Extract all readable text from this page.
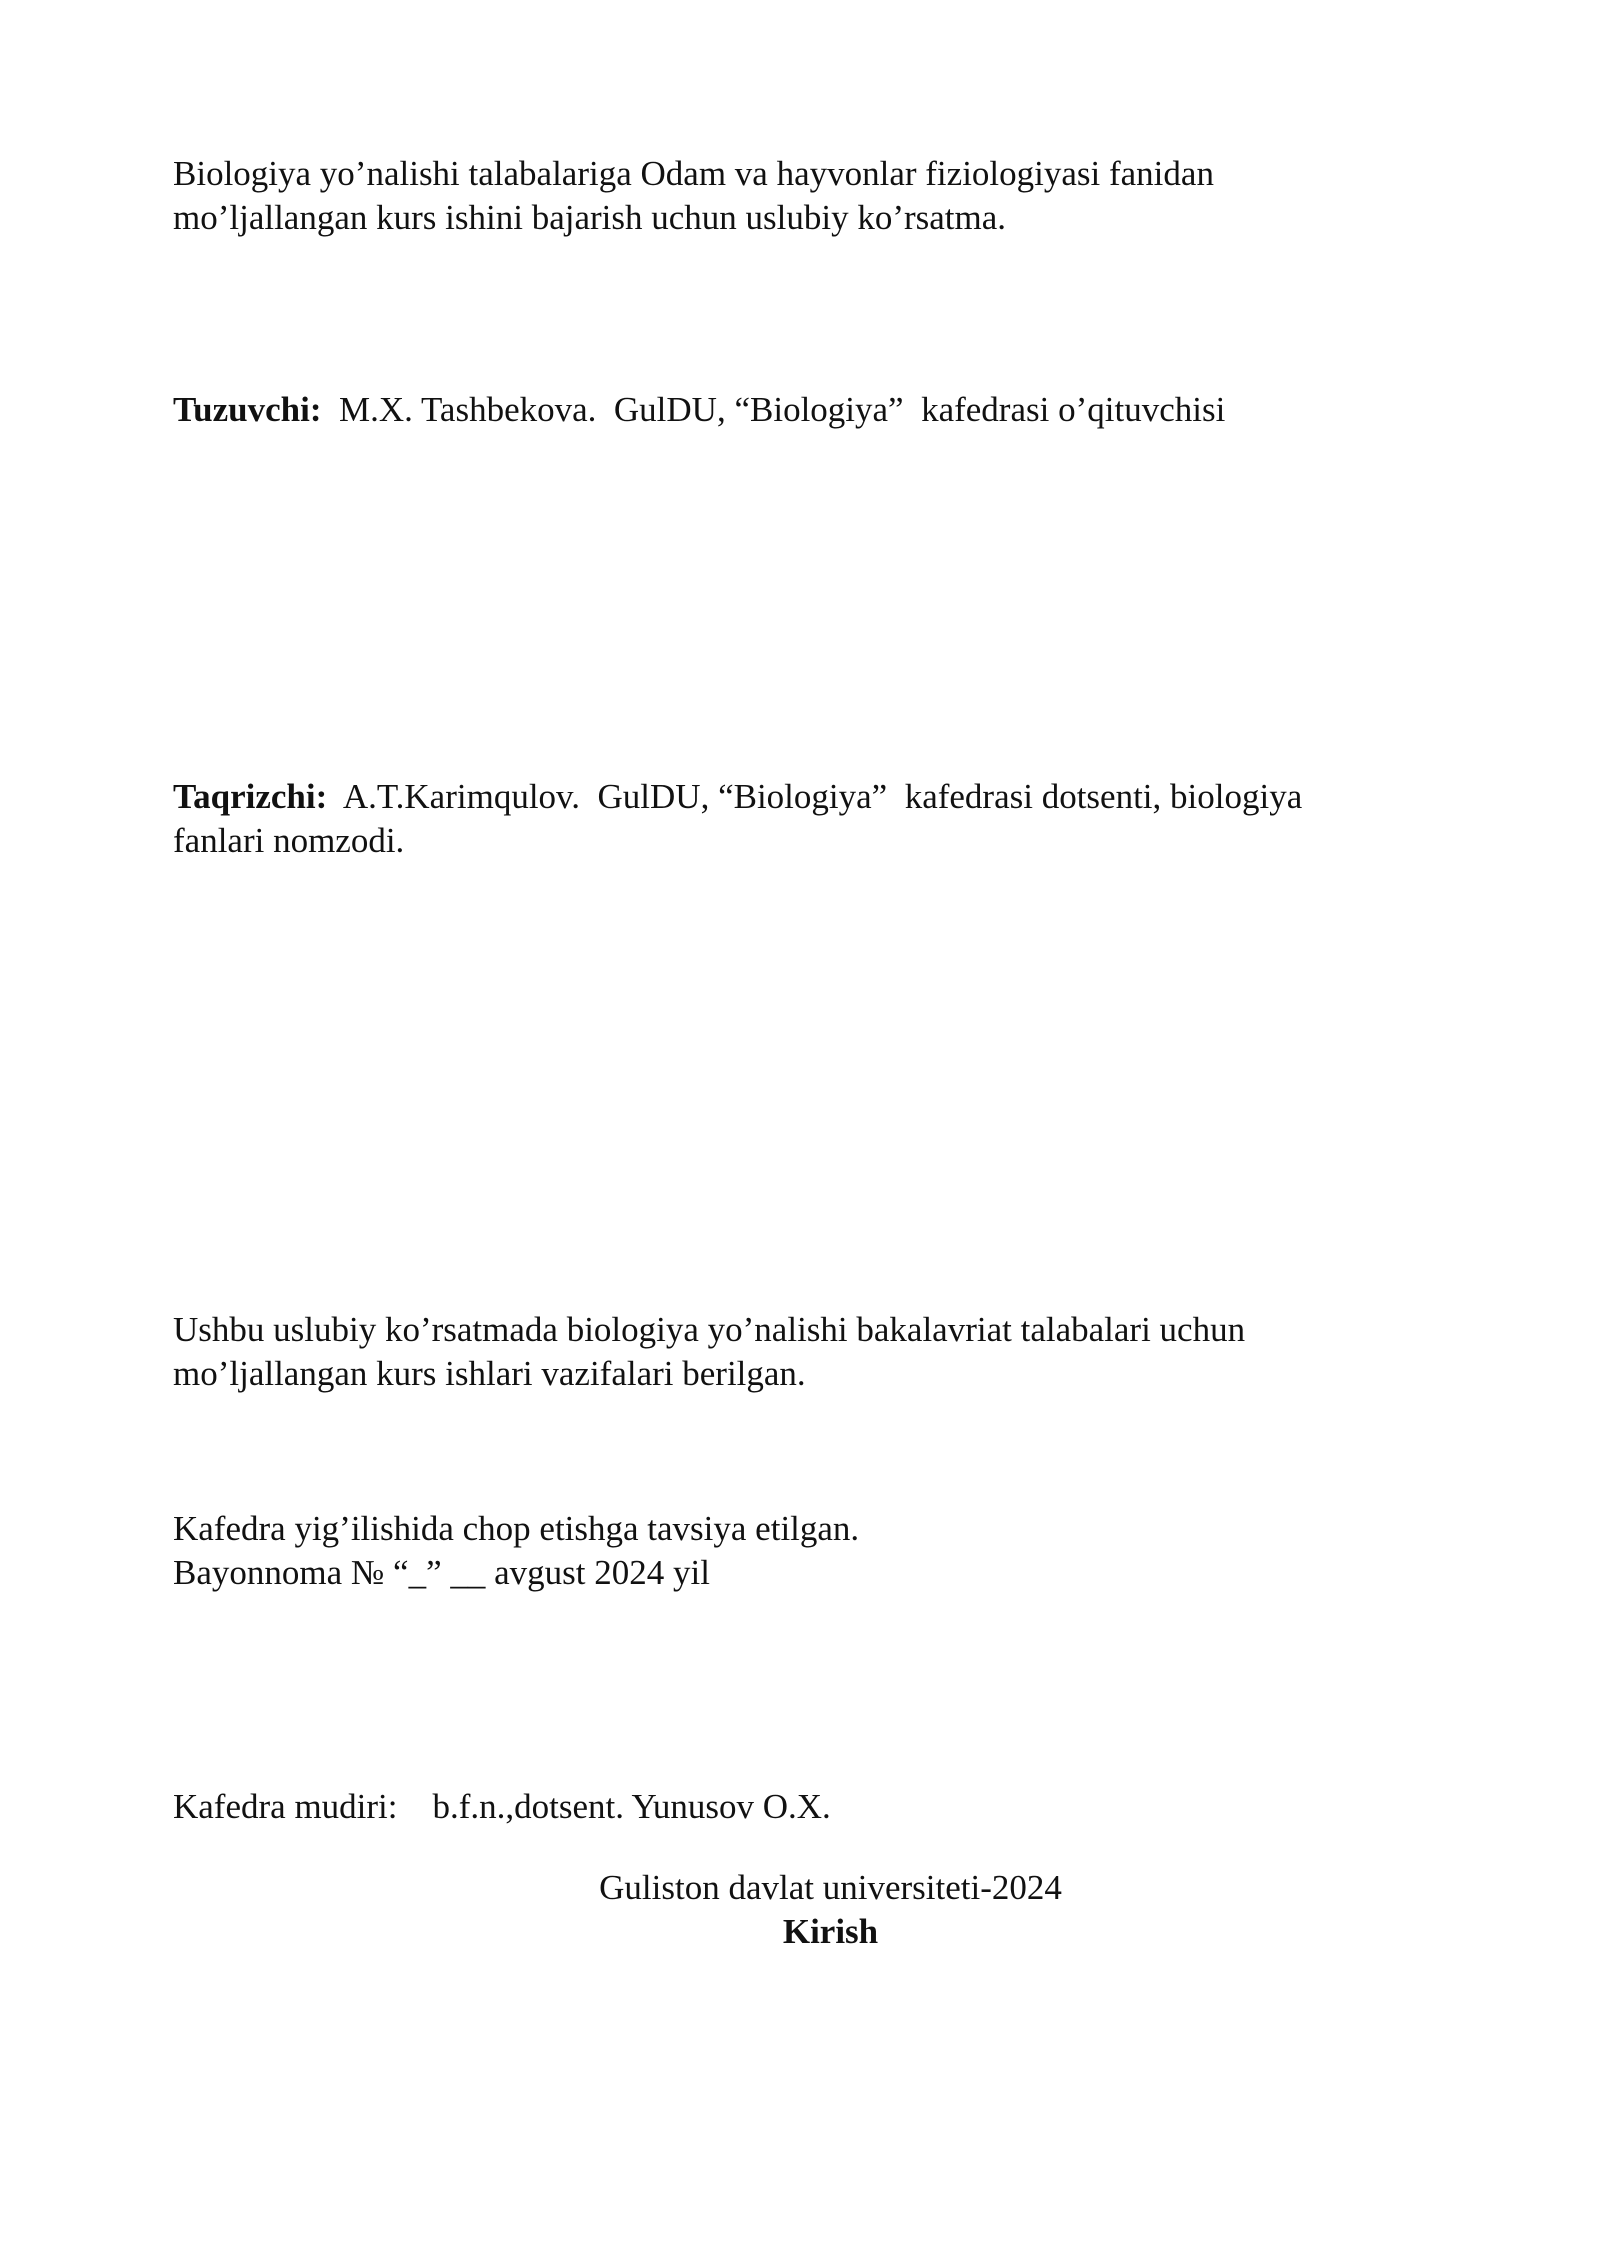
Biologiya yo’nalishi talabalariga Odam va hayvonlar fiziologiyasi fanidan
mo’ljallangan kurs ishini bajarish uchun uslubiy ko’rsatma.
Tuzuvchi:  M.X. Tashbekova.  GulDU, “Biologiya”  kafedrasi o’qituvchisi
Taqrizchi:  A.T.Karimqulov.  GulDU, “Biologiya”  kafedrasi dotsenti, biologiya
fanlari nomzodi.
Ushbu uslubiy ko’rsatmada biologiya yo’nalishi bakalavriat talabalari uchun
mo’ljallangan kurs ishlari vazifalari berilgan.
Kafedra yig’ilishida chop etishga tavsiya etilgan.
Bayonnoma № “_” __ avgust 2024 yil
Kafedra mudiri:    b.f.n.,dotsent. Yunusov O.X.
Guliston davlat universiteti-2024
Kirish
